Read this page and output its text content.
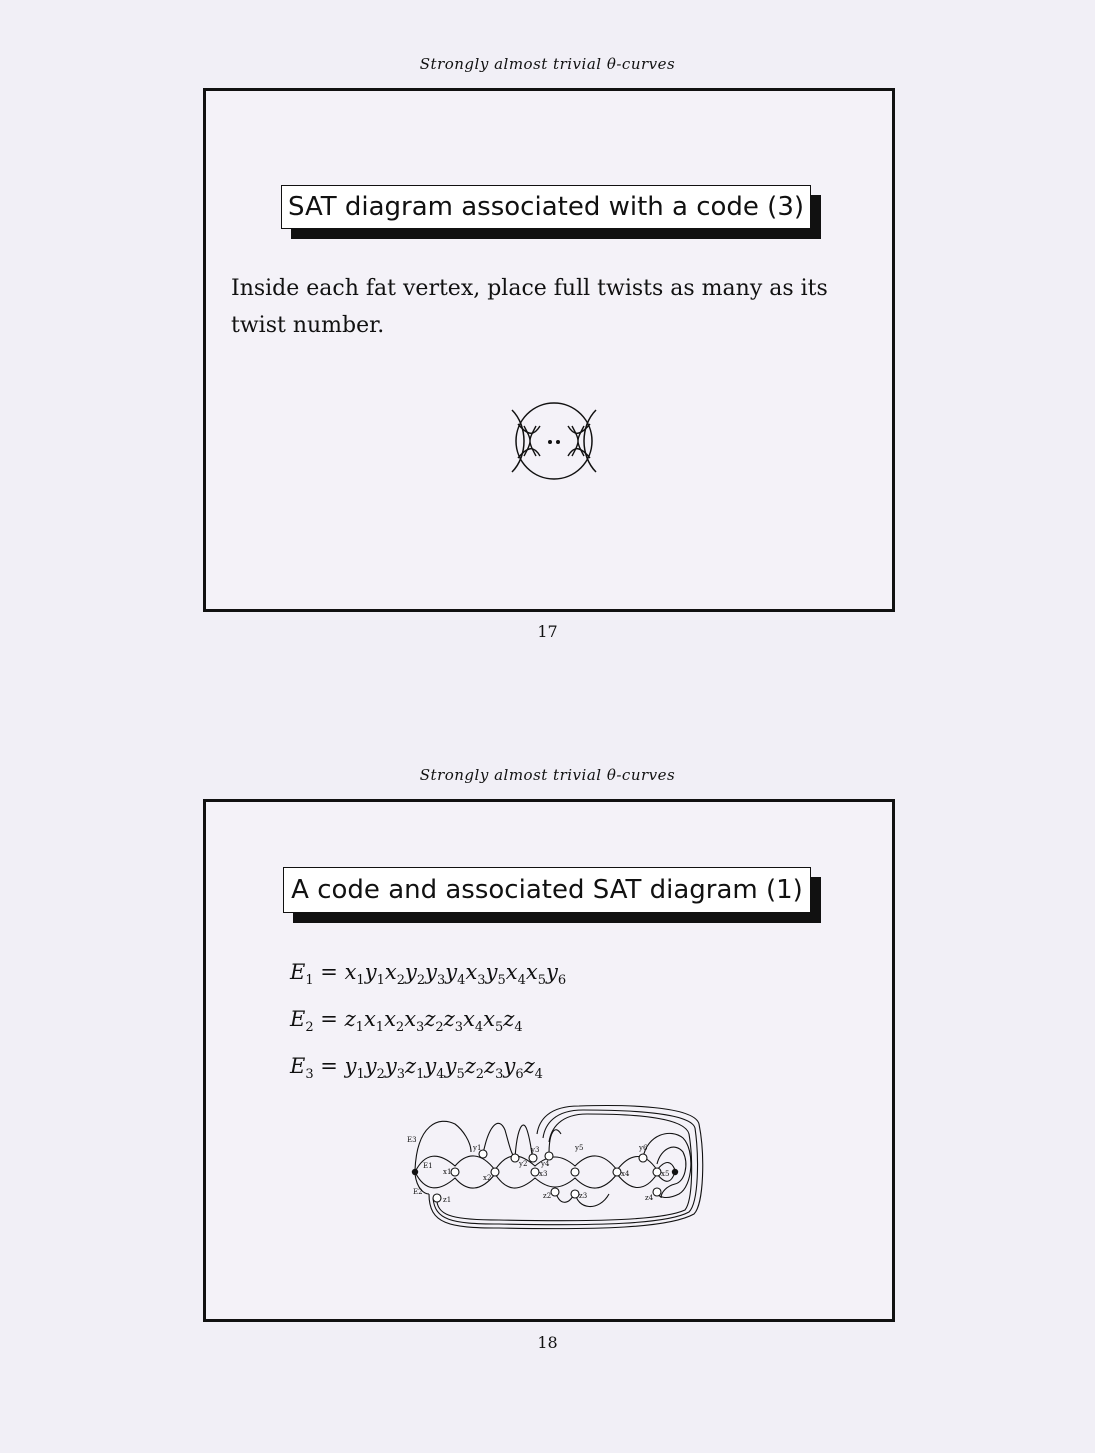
Strongly almost trivial θ-curves
SAT diagram associated with a code (3)
Inside each fat vertex, place full twists as many as its twist number.
17
Strongly almost trivial θ-curves
A code and associated SAT diagram (1)
$E_1 = x_1y_1x_2y_2y_3y_4x_3y_5x_4x_5y_6$
$E_2 = z_1x_1x_2x_3z_2z_3x_4x_5z_4$
$E_3 = y_1y_2y_3z_1y_4y_5z_2z_3y_6z_4$
E3
E1
E2
x1
x2	x3	x4	x5
y1
y2
y3
y4
y5	y6
z1	z2	z3	z4
18
